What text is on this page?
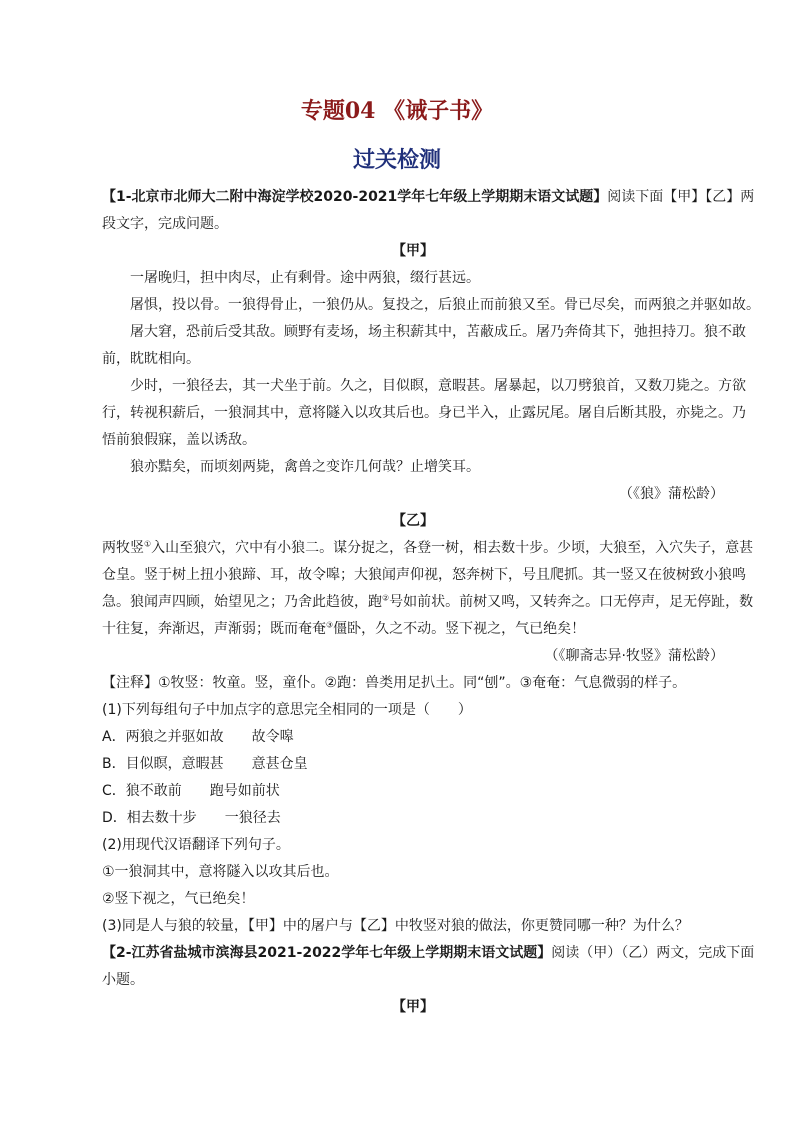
专题04 《诫子书》
过关检测
【1-北京市北师大二附中海淀学校2020-2021学年七年级上学期期末语文试题】阅读下面【甲】【乙】两
段文字，完成问题。
【甲】
一屠晚归，担中肉尽，止有剩骨。途中两狼，缀行甚远。
屠惧，投以骨。一狼得骨止，一狼仍从。复投之，后狼止而前狼又至。骨已尽矣，而两狼之并驱如故。
屠大窘，恐前后受其敌。顾野有麦场，场主积薪其中，苫蔽成丘。屠乃奔倚其下，弛担持刀。狼不敢
前，眈眈相向。
少时，一狼径去，其一犬坐于前。久之，目似瞑，意暇甚。屠暴起，以刀劈狼首，又数刀毙之。方欲
行，转视积薪后，一狼洞其中，意将隧入以攻其后也。身已半入，止露尻尾。屠自后断其股，亦毙之。乃
悟前狼假寐，盖以诱敌。
狼亦黠矣，而顷刻两毙，禽兽之变诈几何哉？止增笑耳。
（《狼》蒲松龄）
【乙】
两牧竖①入山至狼穴，穴中有小狼二。谋分捉之，各登一树，相去数十步。少顷，大狼至，入穴失子，意甚
仓皇。竖于树上扭小狼蹄、耳，故令嗥；大狼闻声仰视，怒奔树下，号且爬抓。其一竖又在彼树致小狼鸣
急。狼闻声四顾，始望见之；乃舍此趋彼，跑②号如前状。前树又鸣，又转奔之。口无停声，足无停趾，数
十往复，奔渐迟，声渐弱；既而奄奄③僵卧，久之不动。竖下视之，气已绝矣！
（《聊斋志异·牧竖》蒲松龄）
【注释】①牧竖：牧童。竖，童仆。②跑：兽类用足扒土。同“刨”。③奄奄：气息微弱的样子。
(1)下列每组句子中加点字的意思完全相同的一项是（　　）
A．两狼之并驱如故　　故令嗥
B．目似瞑，意暇甚　　意甚仓皇
C．狼不敢前　　跑号如前状
D．相去数十步　　一狼径去
(2)用现代汉语翻译下列句子。
①一狼洞其中，意将隧入以攻其后也。
②竖下视之，气已绝矣！
(3)同是人与狼的较量，【甲】中的屠户与【乙】中牧竖对狼的做法，你更赞同哪一种？为什么？
【2-江苏省盐城市滨海县2021-2022学年七年级上学期期末语文试题】阅读（甲）（乙）两文，完成下面
小题。
【甲】
